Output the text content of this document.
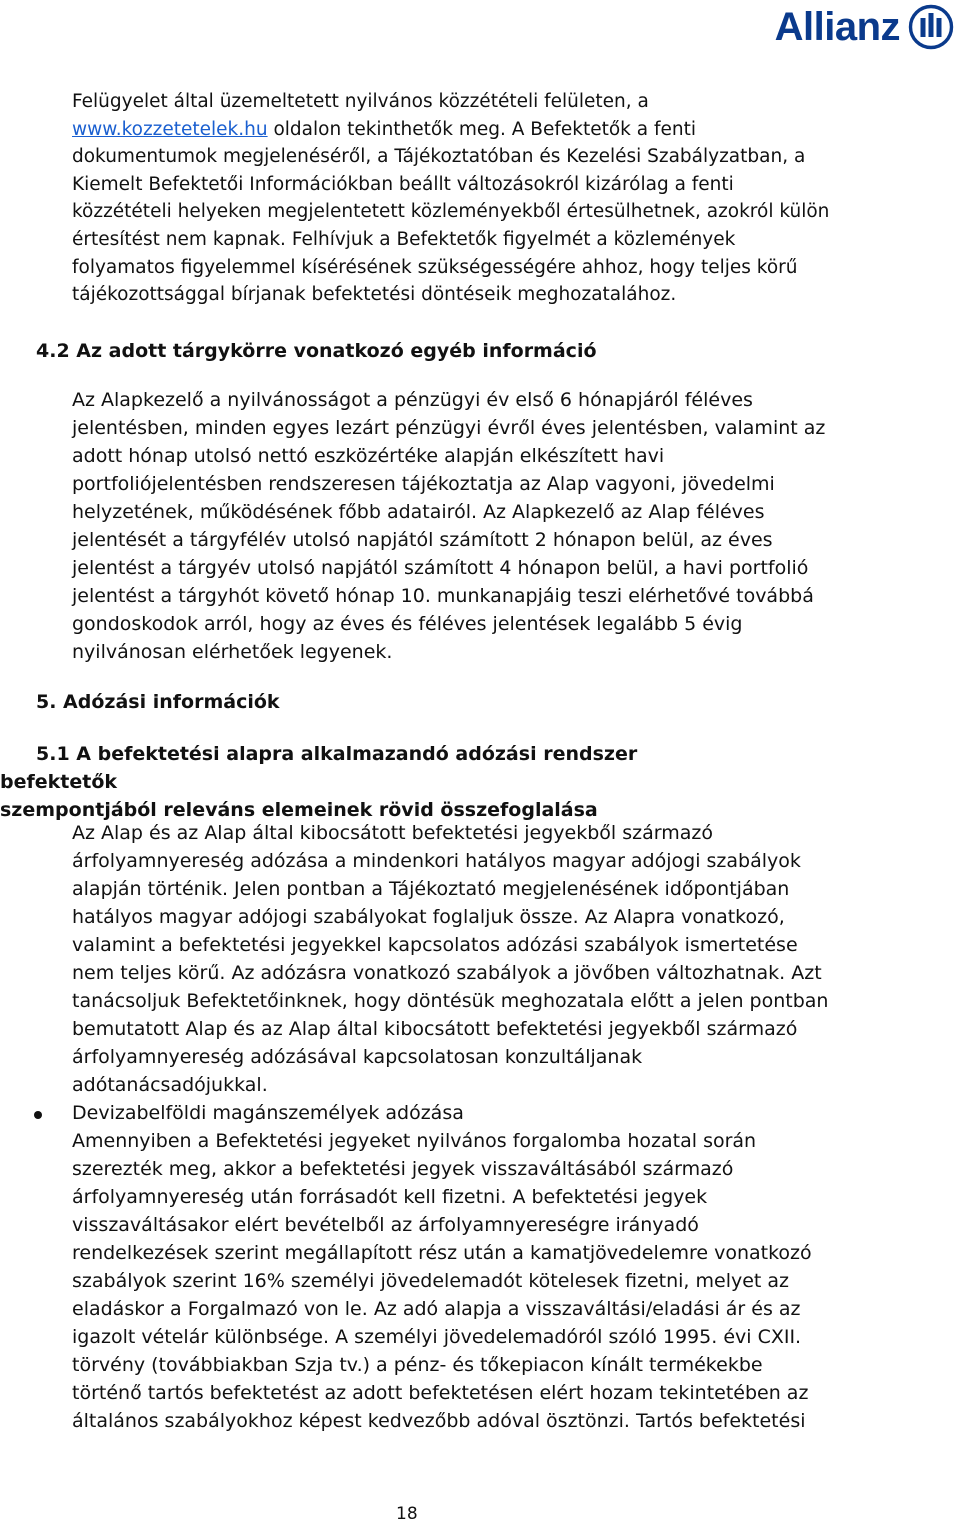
Allianz

Felügyelet által üzemeltetett nyilvános közzétételi felületen, a
www.kozzetetelek.hu oldalon tekinthetők meg. A Befektetők a fenti dokumentumok megjelenéséről, a Tájékoztatóban és Kezelési Szabályzatban, a Kiemelt Befektetői Információkban beállt változásokról kizárólag a fenti közzétételi helyeken megjelentetett közleményekből értesülhetnek, azokról külön értesítést nem kapnak. Felhívjuk a Befektetők figyelmét a közlemények folyamatos figyelemmel kísérésének szükségességére ahhoz, hogy teljes körű tájékozottsággal bírjanak befektetési döntéseik meghozatalához.

4.2 Az adott tárgykörre vonatkozó egyéb információ

Az Alapkezelő a nyilvánosságot a pénzügyi év első 6 hónapjáról féléves jelentésben, minden egyes lezárt pénzügyi évről éves jelentésben, valamint az adott hónap utolsó nettó eszközértéke alapján elkészített havi portfoliójelentésben rendszeresen tájékoztatja az Alap vagyoni, jövedelmi helyzetének, működésének főbb adatairól. Az Alapkezelő az Alap féléves jelentését a tárgyfélév utolsó napjától számított 2 hónapon belül, az éves jelentést a tárgyév utolsó napjától számított 4 hónapon belül, a havi portfolió jelentést a tárgyhót követő hónap 10. munkanapjáig teszi elérhetővé továbbá gondoskodok arról, hogy az éves és féléves jelentések legalább 5 évig nyilvánosan elérhetőek legyenek.

5. Adózási információk
5.1 A befektetési alapra alkalmazandó adózási rendszer befektetők
szempontjából releváns elemeinek rövid összefoglalása

Az Alap és az Alap által kibocsátott befektetési jegyekből származó árfolyamnyereség adózása a mindenkori hatályos magyar adójogi szabályok alapján történik. Jelen pontban a Tájékoztató megjelenésének időpontjában hatályos magyar adójogi szabályokat foglaljuk össze. Az Alapra vonatkozó, valamint a befektetési jegyekkel kapcsolatos adózási szabályok ismertetése nem teljes körű. Az adózásra vonatkozó szabályok a jövőben változhatnak. Azt tanácsoljuk Befektetőinknek, hogy döntésük meghozatala előtt a jelen pontban bemutatott Alap és az Alap által kibocsátott befektetési jegyekből származó árfolyamnyereség adózásával kapcsolatosan konzultáljanak adótanácsadójukkal.

Devizabelföldi magánszemélyek adózása
Amennyiben a Befektetési jegyeket nyilvános forgalomba hozatal során szerezték meg, akkor a befektetési jegyek visszaváltásából származó árfolyamnyereség után forrásadót kell fizetni. A befektetési jegyek visszaváltásakor elért bevételből az árfolyamnyereségre irányadó rendelkezések szerint megállapított rész után a kamatjövedelemre vonatkozó szabályok szerint 16% személyi jövedelemadót kötelesek fizetni, melyet az eladáskor a Forgalmazó von le. Az adó alapja a visszaváltási/eladási ár és az igazolt vételár különbsége. A személyi jövedelemadóról szóló 1995. évi CXII. törvény (továbbiakban Szja tv.) a pénz- és tőkepiacon kínált termékekbe történő tartós befektetést az adott befektetésen elért hozam tekintetében az általános szabályokhoz képest kedvezőbb adóval ösztönzi. Tartós befektetési

18
